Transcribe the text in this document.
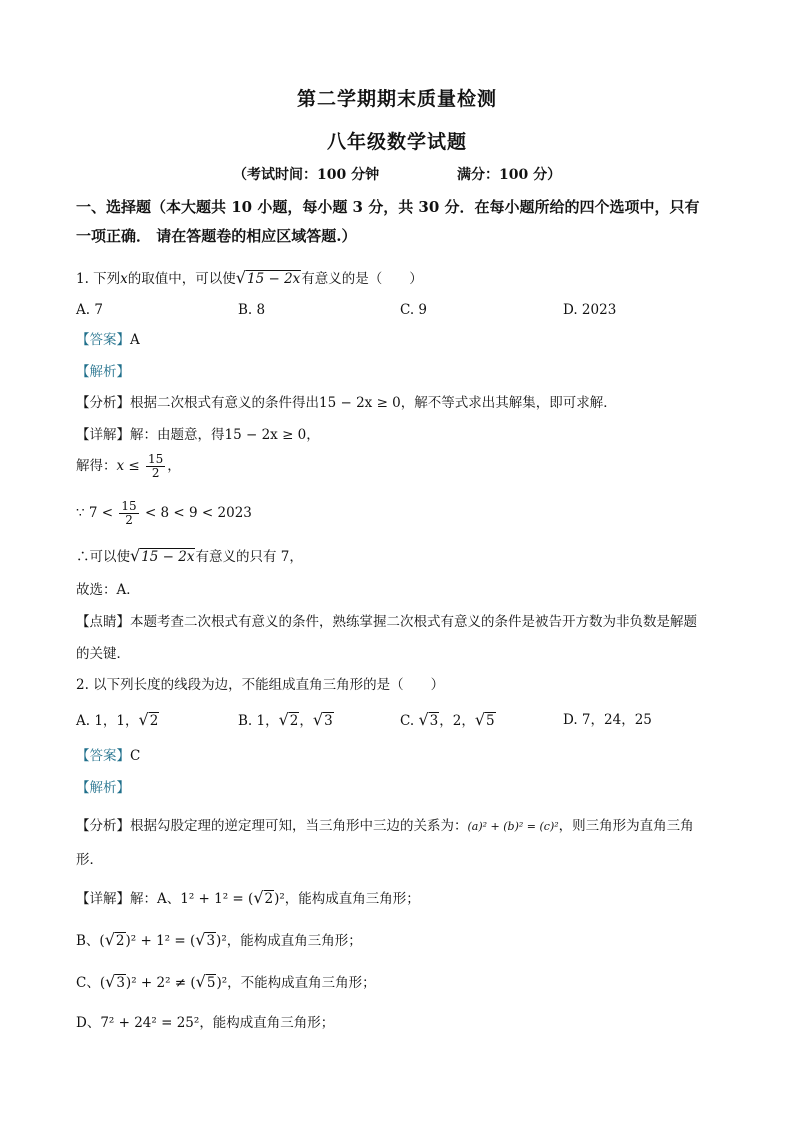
第二学期期末质量检测
八年级数学试题
（考试时间：100 分钟	满分：100 分）
一、选择题（本大题共 10 小题，每小题 3 分，共 30 分．在每小题所给的四个选项中，只有
一项正确． 请在答题卷的相应区域答题.）
1. 下列x的取值中，可以使√15 − 2x有意义的是（　　）
A. 7	B. 8	C. 9	D. 2023
【答案】A
【解析】
【分析】根据二次根式有意义的条件得出15 − 2x ≥ 0，解不等式求出其解集，即可求解．
【详解】解：由题意，得15 − 2x ≥ 0，
解得：$x \le \frac{15}{2}$ ，
∵ $7 < \frac{15}{2} < 8 < 9 < 2023$
∴可以使√15 − 2x有意义的只有 7，
故选：A．
【点睛】本题考查二次根式有意义的条件，熟练掌握二次根式有意义的条件是被告开方数为非负数是解题
的关键．
2. 以下列长度的线段为边，不能组成直角三角形的是（　　）
A. 1，1，√2	B. 1，√2，√3	C. √3，2，√5	D. 7，24，25
【答案】C
【解析】
【分析】根据勾股定理的逆定理可知，当三角形中三边的关系为：(a)² + (b)² = (c)²，则三角形为直角三角
形．
【详解】解：A、1² + 1² = (√2)²，能构成直角三角形；
B、(√2)² + 1² = (√3)²，能构成直角三角形；
C、(√3)² + 2² ≠ (√5)²，不能构成直角三角形；
D、7² + 24² = 25²，能构成直角三角形；
